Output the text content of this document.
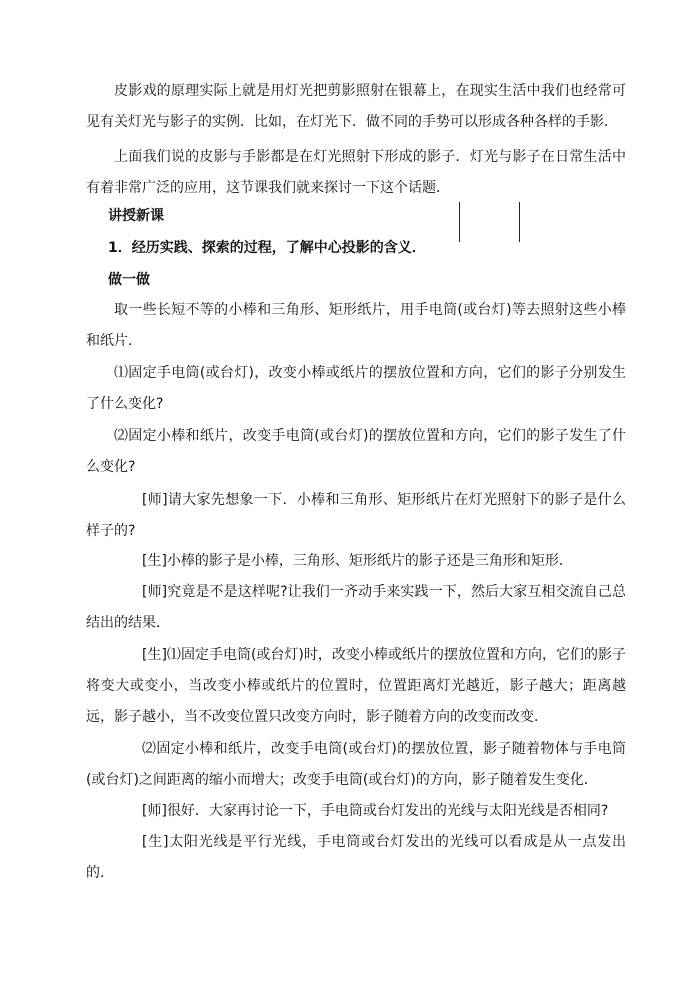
皮影戏的原理实际上就是用灯光把剪影照射在银幕上，在现实生活中我们也经常可见有关灯光与影子的实例．比如，在灯光下．做不同的手势可以形成各种各样的手影．

上面我们说的皮影与手影都是在灯光照射下形成的影子．灯光与影子在日常生活中有着非常广泛的应用，这节课我们就来探讨一下这个话题．

讲授新课
1．经历实践、探索的过程，了解中心投影的含义．
做一做

取一些长短不等的小棒和三角形、矩形纸片，用手电筒(或台灯)等去照射这些小棒和纸片．

⑴固定手电筒(或台灯)，改变小棒或纸片的摆放位置和方向，它们的影子分别发生了什么变化?

⑵固定小棒和纸片，改变手电筒(或台灯)的摆放位置和方向，它们的影子发生了什么变化?

[师]请大家先想象一下．小棒和三角形、矩形纸片在灯光照射下的影子是什么样子的?

[生]小棒的影子是小棒，三角形、矩形纸片的影子还是三角形和矩形．

[师]究竟是不是这样呢?让我们一齐动手来实践一下，然后大家互相交流自己总结出的结果．

[生]⑴固定手电筒(或台灯)时，改变小棒或纸片的摆放位置和方向，它们的影子将变大或变小，当改变小棒或纸片的位置时，位置距离灯光越近，影子越大；距离越远，影子越小，当不改变位置只改变方向时，影子随着方向的改变而改变．

⑵固定小棒和纸片，改变手电筒(或台灯)的摆放位置，影子随着物体与手电筒(或台灯)之间距离的缩小而增大；改变手电筒(或台灯)的方向，影子随着发生变化．

[师]很好．大家再讨论一下，手电筒或台灯发出的光线与太阳光线是否相同?

[生]太阳光线是平行光线，手电筒或台灯发出的光线可以看成是从一点发出的．
